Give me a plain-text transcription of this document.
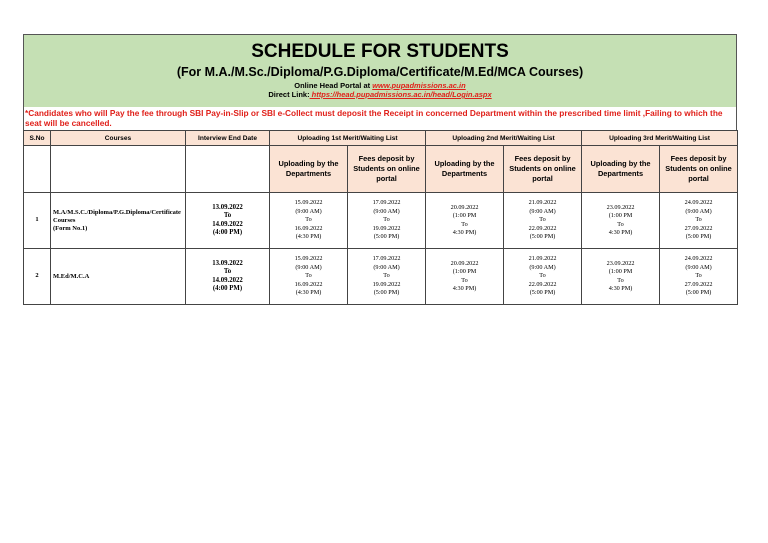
SCHEDULE FOR STUDENTS
(For M.A./M.Sc./Diploma/P.G.Diploma/Certificate/M.Ed/MCA Courses)
Online Head Portal at www.pupadmissions.ac.in
Direct Link: https://head.pupadmissions.ac.in/head/Login.aspx
*Candidates who will Pay the fee through SBI Pay-in-Slip or SBI e-Collect must deposit the Receipt in concerned Department within the prescribed time limit ,Failing to which the seat will be cancelled.
S.No	Courses	Interview End Date	Uploading 1st Merit/Waiting List		Uploading 2nd Merit/Waiting List		Uploading 3rd Merit/Waiting List	
			Uploading by the Departments	Fees deposit by Students on online portal	Uploading by the Departments	Fees deposit by Students on online portal	Uploading by the Departments	Fees deposit by Students on online portal
1	M.A/M.S.C./Diploma/P.G.Diploma/Certificate
Courses
(Form No.1)	13.09.2022
To
14.09.2022
(4:00 PM)	15.09.2022
(9:00 AM)
To
16.09.2022
(4:30 PM)	17.09.2022
(9:00 AM)
To
19.09.2022
(5:00 PM)	20.09.2022
(1:00 PM
To
4:30 PM)	21.09.2022
(9:00 AM)
To
22.09.2022
(5:00 PM)	23.09.2022
(1:00 PM
To
4:30 PM)	24.09.2022
(9:00 AM)
To
27.09.2022
(5:00 PM)

2	M.Ed/M.C.A	13.09.2022
To
14.09.2022
(4:00 PM)	15.09.2022
(9:00 AM)
To
16.09.2022
(4:30 PM)	17.09.2022
(9:00 AM)
To
19.09.2022
(5:00 PM)	20.09.2022
(1:00 PM
To
4:30 PM)	21.09.2022
(9:00 AM)
To
22.09.2022
(5:00 PM)	23.09.2022
(1:00 PM
To
4:30 PM)	24.09.2022
(9:00 AM)
To
27.09.2022
(5:00 PM)
